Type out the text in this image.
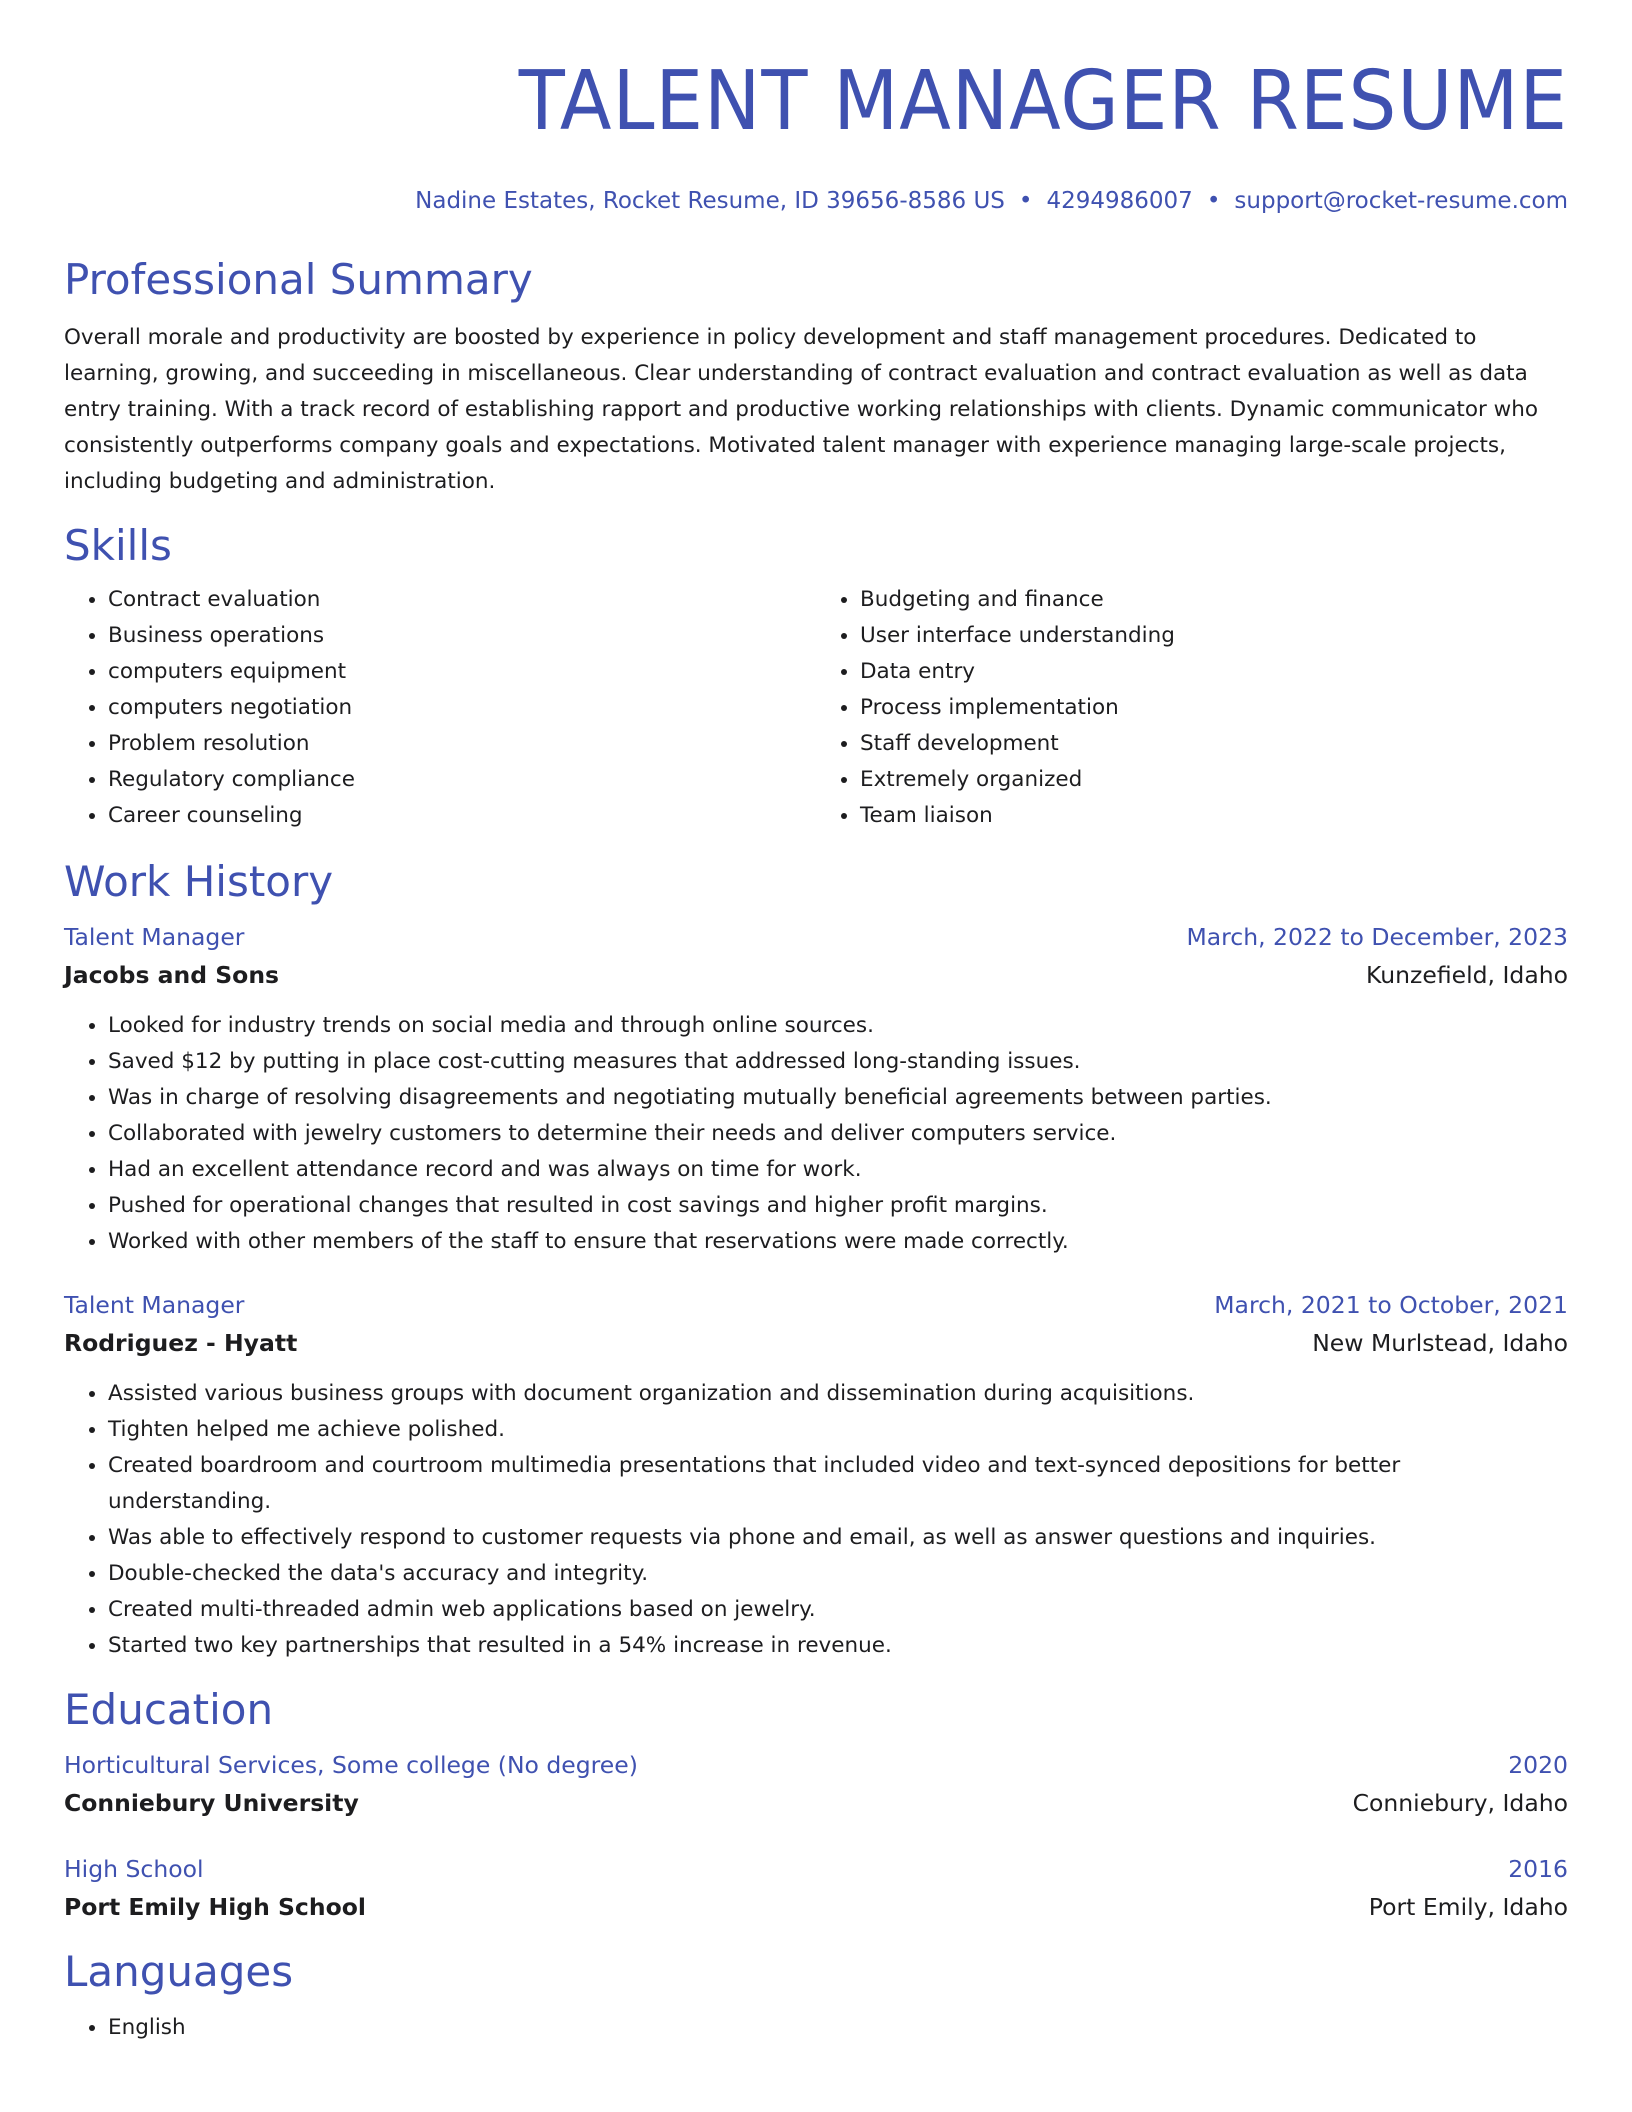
TALENT MANAGER RESUME
Nadine Estates, Rocket Resume, ID 39656-8586 US • 4294986007 • support@rocket-resume.com
Professional Summary

Overall morale and productivity are boosted by experience in policy development and staff management procedures. Dedicated to learning, growing, and succeeding in miscellaneous. Clear understanding of contract evaluation and contract evaluation as well as data entry training. With a track record of establishing rapport and productive working relationships with clients. Dynamic communicator who consistently outperforms company goals and expectations. Motivated talent manager with experience managing large-scale projects, including budgeting and administration.

Skills
• Contract evaluation
• Business operations
• computers equipment
• computers negotiation
• Problem resolution
• Regulatory compliance
• Career counseling
• Budgeting and finance
• User interface understanding
• Data entry
• Process implementation
• Staff development
• Extremely organized
• Team liaison
Work History
Talent Manager	March, 2022 to December, 2023
Jacobs and Sons	Kunzefield, Idaho
• Looked for industry trends on social media and through online sources.
• Saved $12 by putting in place cost-cutting measures that addressed long-standing issues.
• Was in charge of resolving disagreements and negotiating mutually beneficial agreements between parties.
• Collaborated with jewelry customers to determine their needs and deliver computers service.
• Had an excellent attendance record and was always on time for work.
• Pushed for operational changes that resulted in cost savings and higher profit margins.
• Worked with other members of the staff to ensure that reservations were made correctly.
Talent Manager	March, 2021 to October, 2021
Rodriguez - Hyatt	New Murlstead, Idaho
• Assisted various business groups with document organization and dissemination during acquisitions.
• Tighten helped me achieve polished.
• Created boardroom and courtroom multimedia presentations that included video and text-synced depositions for better understanding.
• Was able to effectively respond to customer requests via phone and email, as well as answer questions and inquiries.
• Double-checked the data's accuracy and integrity.
• Created multi-threaded admin web applications based on jewelry.
• Started two key partnerships that resulted in a 54% increase in revenue.
Education
Horticultural Services, Some college (No degree)	2020
Conniebury University	Conniebury, Idaho
High School	2016
Port Emily High School	Port Emily, Idaho
Languages
• English
